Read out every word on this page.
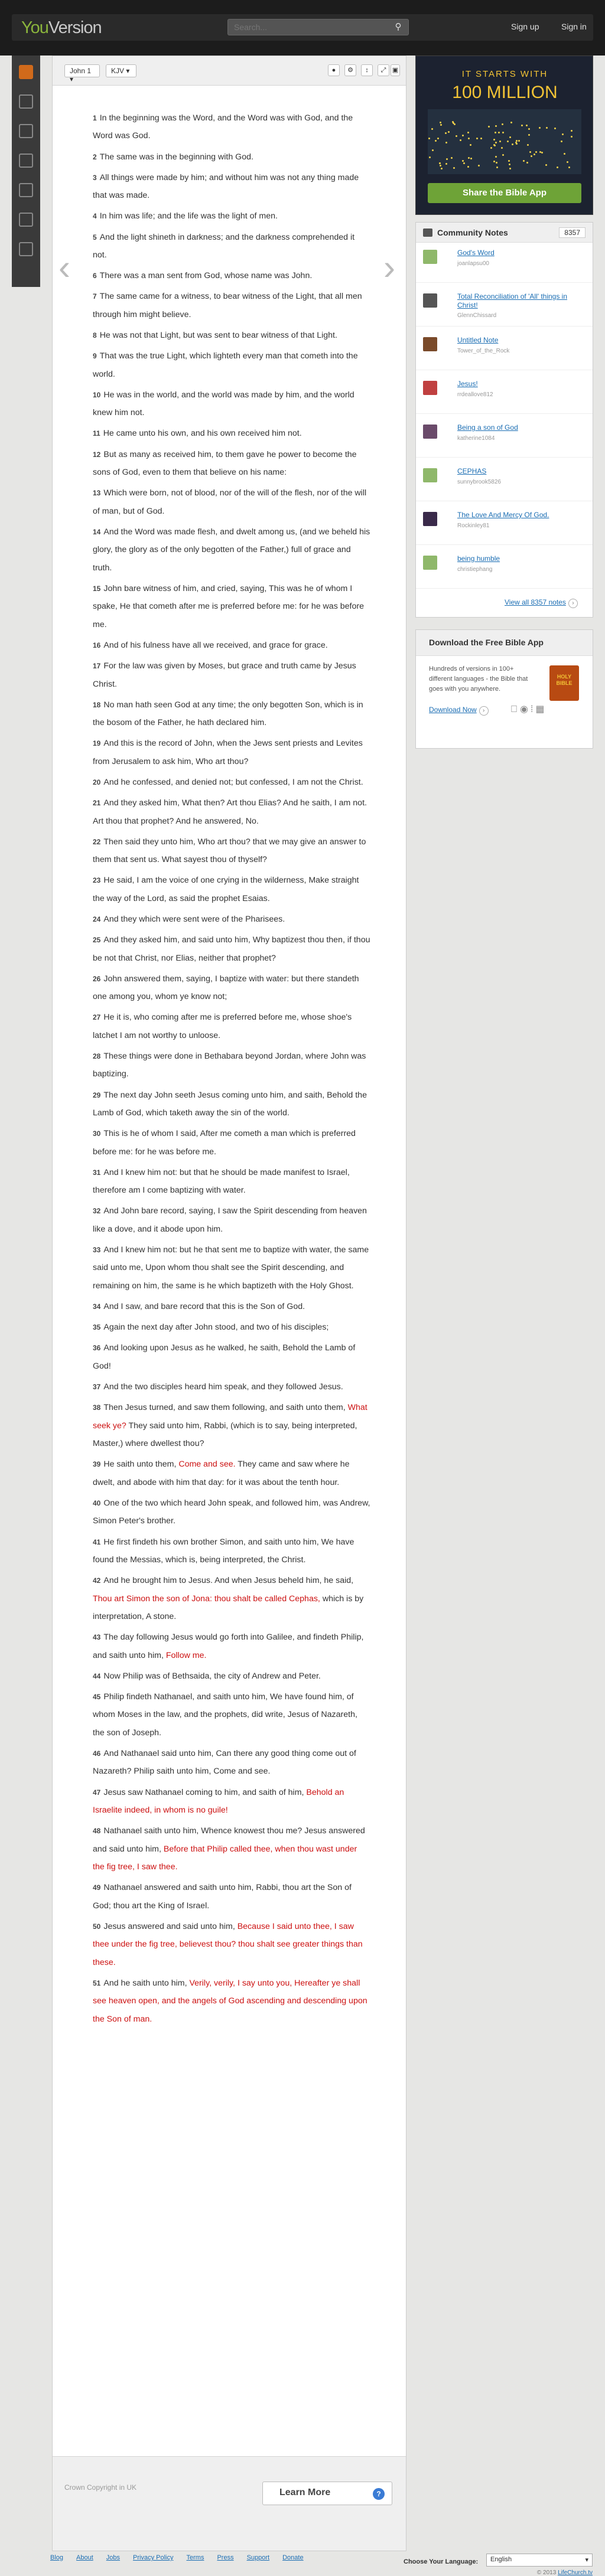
YouVersion
Search...	⚲	Sign up	Sign in
John 1 ▾
KJV ▾	●	⚙	↕	⤢ ▣
‹	›

1 In the beginning was the Word, and the Word was with God, and the Word was God.

2 The same was in the beginning with God.

3 All things were made by him; and without him was not any thing made that was made.

4 In him was life; and the life was the light of men.

5 And the light shineth in darkness; and the darkness comprehended it not.

6 There was a man sent from God, whose name was John.

7 The same came for a witness, to bear witness of the Light, that all men through him might believe.

8 He was not that Light, but was sent to bear witness of that Light.

9 That was the true Light, which lighteth every man that cometh into the world.

10 He was in the world, and the world was made by him, and the world knew him not.

11 He came unto his own, and his own received him not.

12 But as many as received him, to them gave he power to become the sons of God, even to them that believe on his name:

13 Which were born, not of blood, nor of the will of the flesh, nor of the will of man, but of God.

14 And the Word was made flesh, and dwelt among us, (and we beheld his glory, the glory as of the only begotten of the Father,) full of grace and truth.

15 John bare witness of him, and cried, saying, This was he of whom I spake, He that cometh after me is preferred before me: for he was before me.

16 And of his fulness have all we received, and grace for grace.

17 For the law was given by Moses, but grace and truth came by Jesus Christ.

18 No man hath seen God at any time; the only begotten Son, which is in the bosom of the Father, he hath declared him.

19 And this is the record of John, when the Jews sent priests and Levites from Jerusalem to ask him, Who art thou?

20 And he confessed, and denied not; but confessed, I am not the Christ.

21 And they asked him, What then? Art thou Elias? And he saith, I am not. Art thou that prophet? And he answered, No.

22 Then said they unto him, Who art thou? that we may give an answer to them that sent us. What sayest thou of thyself?

23 He said, I am the voice of one crying in the wilderness, Make straight the way of the Lord, as said the prophet Esaias.

24 And they which were sent were of the Pharisees.

25 And they asked him, and said unto him, Why baptizest thou then, if thou be not that Christ, nor Elias, neither that prophet?

26 John answered them, saying, I baptize with water: but there standeth one among you, whom ye know not;

27 He it is, who coming after me is preferred before me, whose shoe's latchet I am not worthy to unloose.

28 These things were done in Bethabara beyond Jordan, where John was baptizing.

29 The next day John seeth Jesus coming unto him, and saith, Behold the Lamb of God, which taketh away the sin of the world.

30 This is he of whom I said, After me cometh a man which is preferred before me: for he was before me.

31 And I knew him not: but that he should be made manifest to Israel, therefore am I come baptizing with water.

32 And John bare record, saying, I saw the Spirit descending from heaven like a dove, and it abode upon him.

33 And I knew him not: but he that sent me to baptize with water, the same said unto me, Upon whom thou shalt see the Spirit descending, and remaining on him, the same is he which baptizeth with the Holy Ghost.

34 And I saw, and bare record that this is the Son of God.

35 Again the next day after John stood, and two of his disciples;

36 And looking upon Jesus as he walked, he saith, Behold the Lamb of God!

37 And the two disciples heard him speak, and they followed Jesus.

38 Then Jesus turned, and saw them following, and saith unto them, What seek ye? They said unto him, Rabbi, (which is to say, being interpreted, Master,) where dwellest thou?

39 He saith unto them, Come and see. They came and saw where he dwelt, and abode with him that day: for it was about the tenth hour.

40 One of the two which heard John speak, and followed him, was Andrew, Simon Peter's brother.

41 He first findeth his own brother Simon, and saith unto him, We have found the Messias, which is, being interpreted, the Christ.

42 And he brought him to Jesus. And when Jesus beheld him, he said, Thou art Simon the son of Jona: thou shalt be called Cephas, which is by interpretation, A stone.

43 The day following Jesus would go forth into Galilee, and findeth Philip, and saith unto him, Follow me.

44 Now Philip was of Bethsaida, the city of Andrew and Peter.

45 Philip findeth Nathanael, and saith unto him, We have found him, of whom Moses in the law, and the prophets, did write, Jesus of Nazareth, the son of Joseph.

46 And Nathanael said unto him, Can there any good thing come out of Nazareth? Philip saith unto him, Come and see.

47 Jesus saw Nathanael coming to him, and saith of him, Behold an Israelite indeed, in whom is no guile!

48 Nathanael saith unto him, Whence knowest thou me? Jesus answered and said unto him, Before that Philip called thee, when thou wast under the fig tree, I saw thee.

49 Nathanael answered and saith unto him, Rabbi, thou art the Son of God; thou art the King of Israel.

50 Jesus answered and said unto him, Because I said unto thee, I saw thee under the fig tree, believest thou? thou shalt see greater things than these.

51 And he saith unto him, Verily, verily, I say unto you, Hereafter ye shall see heaven open, and the angels of God ascending and descending upon the Son of man.

Crown Copyright in UK	Learn More	?
IT STARTS WITH
100 MILLION
Share the Bible App
Community Notes	8357
God's Word
joanlapsu00
Total Reconciliation of 'All' things in Christ!
GlennChissard
Untitled Note
Tower_of_the_Rock
Jesus!
rrdeallove812
Being a son of God
katherine1084
CEPHAS
sunnybrook5826
The Love And Mercy Of God.
Rockinley81
being humble
christiephang
View all 8357 notes ›
Download the Free Bible App
Hundreds of versions in 100+ different languages - the Bible that goes with you anywhere.
Download Now ›
HOLY BIBLE
◉⁞▦
Blog About Jobs Privacy Policy Terms Press Support Donate
Choose Your Language:	English	▾
© 2013 LifeChurch.tv
